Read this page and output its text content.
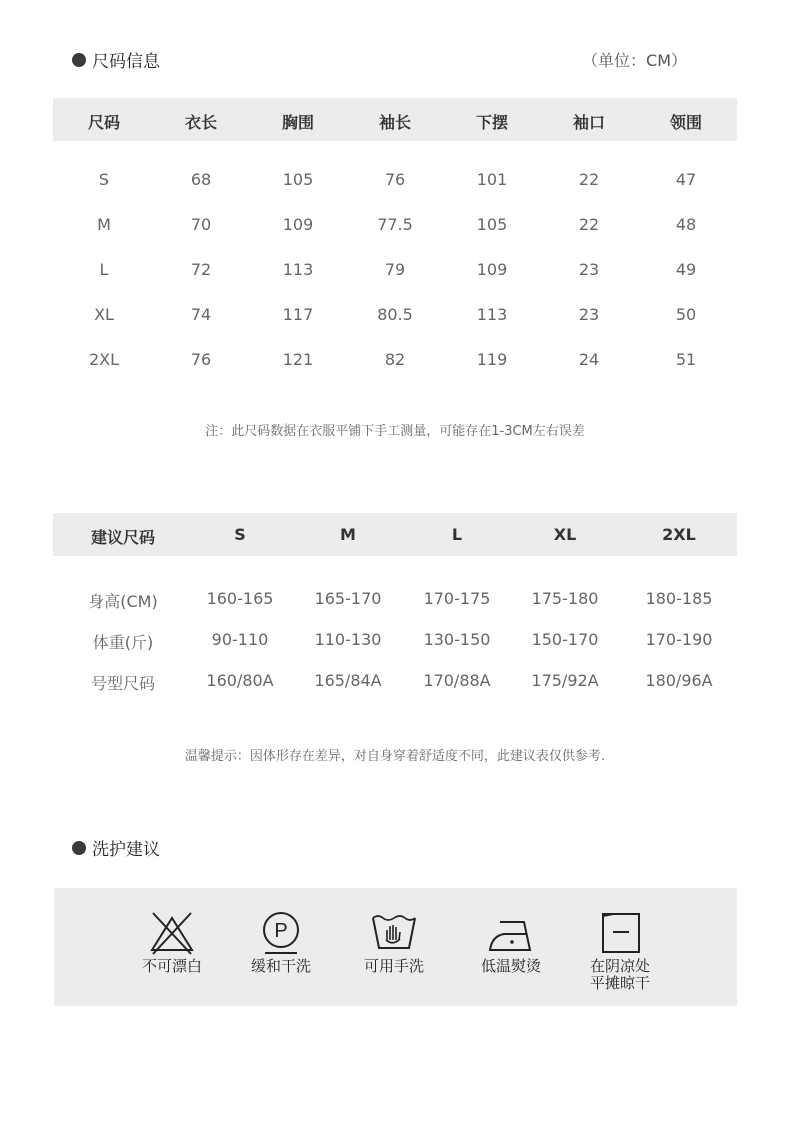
尺码信息	（单位：CM）
尺码	衣长	胸围	袖长	下摆	袖口	领围
S	68	105	76	101	22	47
M	70	109	77.5	105	22	48
L	72	113	79	109	23	49
XL	74	117	80.5	113	23	50
2XL	76	121	82	119	24	51
注：此尺码数据在衣服平铺下手工测量，可能存在1-3CM左右误差
建议尺码	S	M	L	XL	2XL
身高(CM)	160-165	165-170	170-175	175-180	180-185
体重(斤)	90-110	110-130	130-150	150-170	170-190
号型尺码	160/80A	165/84A	170/88A	175/92A	180/96A
温馨提示：因体形存在差异，对自身穿着舒适度不同，此建议表仅供参考.
洗护建议
不可漂白
P
缓和干洗	可用手洗	低温熨烫	在阴凉处
平摊晾干
